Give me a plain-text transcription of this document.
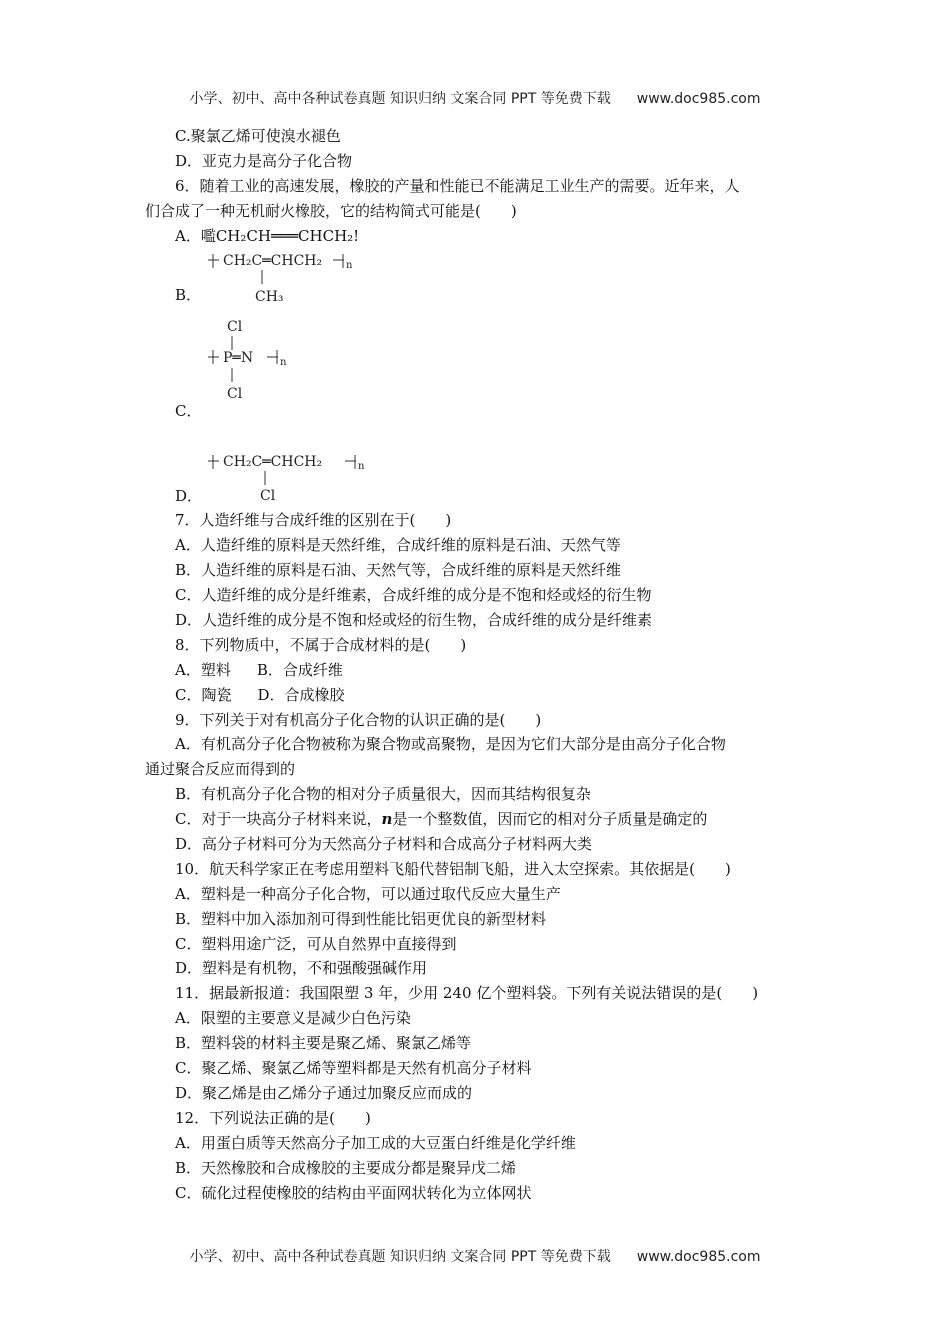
小学、初中、高中各种试卷真题 知识归纳 文案合同 PPT 等免费下载 www.doc985.com
C.聚氯乙烯可使溴水褪色
D．亚克力是高分子化合物
6．随着工业的高速发展，橡胶的产量和性能已不能满足工业生产的需要。近年来，人
们合成了一种无机耐火橡胶，它的结构简式可能是(　　)
A．嚂CH₂CH═══CHCH₂!
CH₂C═CHCH₂ n
CH₃
B．
Cl
P═N	n
Cl
C．
CH₂C═CHCH₂	n
Cl
D．
7．人造纤维与合成纤维的区别在于(　　)
A．人造纤维的原料是天然纤维，合成纤维的原料是石油、天然气等
B．人造纤维的原料是石油、天然气等，合成纤维的原料是天然纤维
C．人造纤维的成分是纤维素，合成纤维的成分是不饱和烃或烃的衍生物
D．人造纤维的成分是不饱和烃或烃的衍生物，合成纤维的成分是纤维素
8．下列物质中，不属于合成材料的是(　　)
A．塑料 B．合成纤维
C．陶瓷 D．合成橡胶
9．下列关于对有机高分子化合物的认识正确的是(　　)
A．有机高分子化合物被称为聚合物或高聚物，是因为它们大部分是由高分子化合物
通过聚合反应而得到的
B．有机高分子化合物的相对分子质量很大，因而其结构很复杂
C．对于一块高分子材料来说，n是一个整数值，因而它的相对分子质量是确定的
D．高分子材料可分为天然高分子材料和合成高分子材料两大类
10．航天科学家正在考虑用塑料飞船代替铝制飞船，进入太空探索。其依据是(　　)
A．塑料是一种高分子化合物，可以通过取代反应大量生产
B．塑料中加入添加剂可得到性能比铝更优良的新型材料
C．塑料用途广泛，可从自然界中直接得到
D．塑料是有机物，不和强酸强碱作用
11．据最新报道：我国限塑 3 年，少用 240 亿个塑料袋。下列有关说法错误的是(　　)
A．限塑的主要意义是减少白色污染
B．塑料袋的材料主要是聚乙烯、聚氯乙烯等
C．聚乙烯、聚氯乙烯等塑料都是天然有机高分子材料
D．聚乙烯是由乙烯分子通过加聚反应而成的
12．下列说法正确的是(　　)
A．用蛋白质等天然高分子加工成的大豆蛋白纤维是化学纤维
B．天然橡胶和合成橡胶的主要成分都是聚异戊二烯
C．硫化过程使橡胶的结构由平面网状转化为立体网状
小学、初中、高中各种试卷真题 知识归纳 文案合同 PPT 等免费下载 www.doc985.com
